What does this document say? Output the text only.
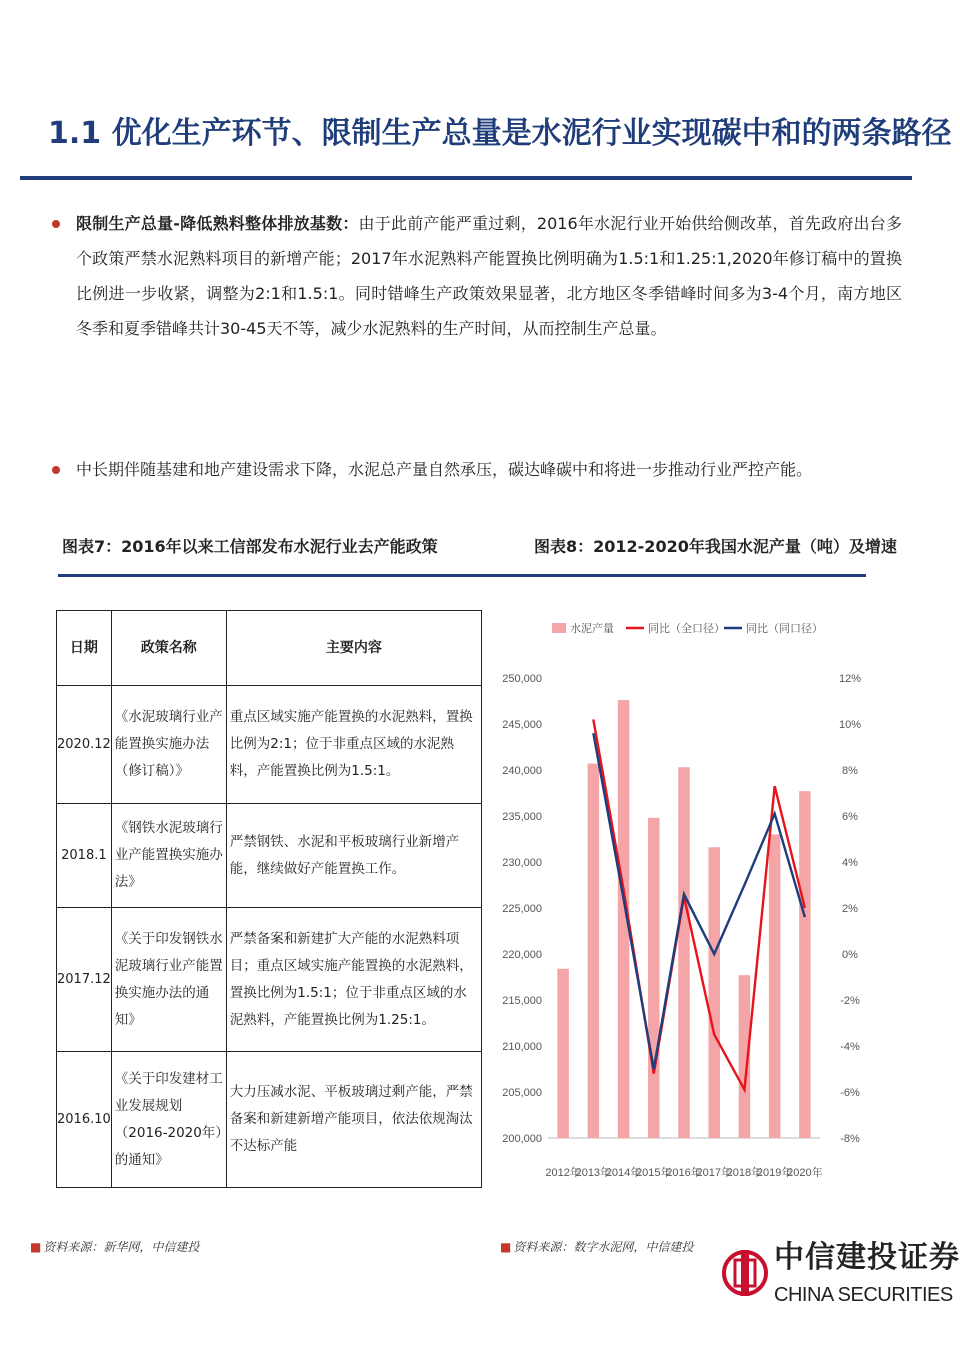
1.1 优化生产环节、限制生产总量是水泥行业实现碳中和的两条路径
限制生产总量-降低熟料整体排放基数：由于此前产能严重过剩，2016年水泥行业开始供给侧改革，首先政府出台多个政策严禁水泥熟料项目的新增产能；2017年水泥熟料产能置换比例明确为1.5:1和1.25:1,2020年修订稿中的置换比例进一步收紧，调整为2:1和1.5:1。同时错峰生产政策效果显著，北方地区冬季错峰时间多为3-4个月，南方地区冬季和夏季错峰共计30-45天不等，减少水泥熟料的生产时间，从而控制生产总量。
中长期伴随基建和地产建设需求下降，水泥总产量自然承压，碳达峰碳中和将进一步推动行业严控产能。
图表7：2016年以来工信部发布水泥行业去产能政策	图表8：2012-2020年我国水泥产量（吨）及增速
日期	政策名称	主要内容
2020.12	《水泥玻璃行业产能置换实施办法（修订稿）》	重点区域实施产能置换的水泥熟料，置换比例为2:1；位于非重点区域的水泥熟料，产能置换比例为1.5:1。
2018.1	《钢铁水泥玻璃行业产能置换实施办法》	严禁钢铁、水泥和平板玻璃行业新增产能，继续做好产能置换工作。
2017.12	《关于印发钢铁水泥玻璃行业产能置换实施办法的通知》	严禁备案和新建扩大产能的水泥熟料项目；重点区域实施产能置换的水泥熟料，置换比例为1.5:1；位于非重点区域的水泥熟料，产能置换比例为1.25:1。
2016.10	《关于印发建材工业发展规划（2016-2020年）的通知》	大力压减水泥、平板玻璃过剩产能，严禁备案和新建新增产能项目，依法依规淘汰不达标产能	200,000
205,000
210,000
215,000
220,000
225,000
230,000
235,000
240,000
245,000
250,000
-8%
-6%
-4%
-2%
0%
2%
4%
6%
8%
10%
12%
2012年
2013年
2014年
2015年
2016年
2017年
2018年
2019年
2020年
水泥产量	同比（全口径） 同比（同口径）
■ 资料来源：新华网，中信建投	■ 资料来源：数字水泥网，中信建投	中信建投证券
CHINA SECURITIES
